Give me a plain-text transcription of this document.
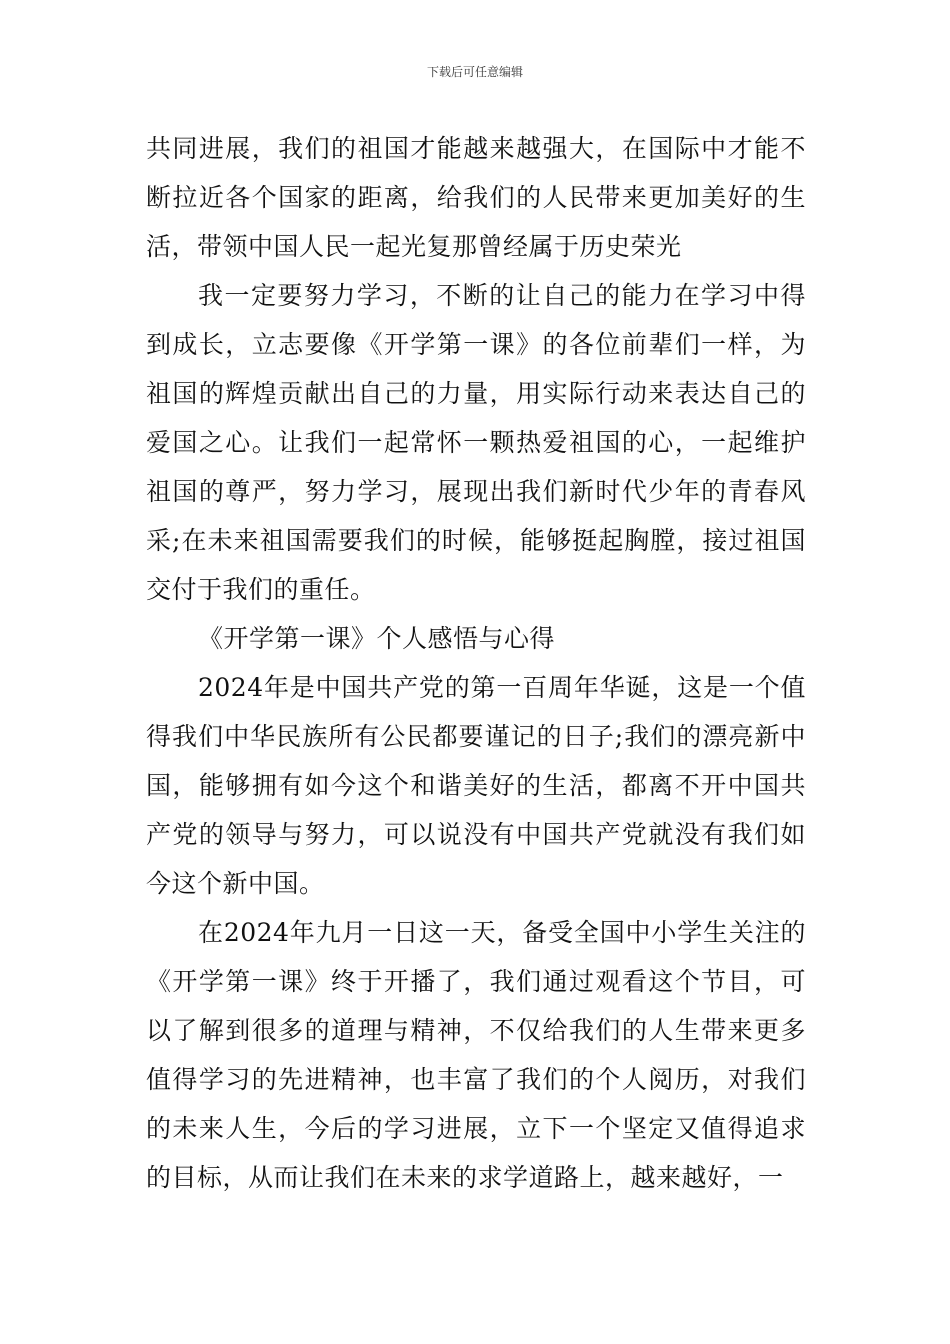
下载后可任意编辑

共同进展，我们的祖国才能越来越强大，在国际中才能不断拉近各个国家的距离，给我们的人民带来更加美好的生活，带领中国人民一起光复那曾经属于历史荣光

我一定要努力学习，不断的让自己的能力在学习中得到成长，立志要像《开学第一课》的各位前辈们一样，为祖国的辉煌贡献出自己的力量，用实际行动来表达自己的爱国之心。让我们一起常怀一颗热爱祖国的心，一起维护祖国的尊严，努力学习，展现出我们新时代少年的青春风采;在未来祖国需要我们的时候，能够挺起胸膛，接过祖国交付于我们的重任。

《开学第一课》个人感悟与心得

2024年是中国共产党的第一百周年华诞，这是一个值得我们中华民族所有公民都要谨记的日子;我们的漂亮新中国，能够拥有如今这个和谐美好的生活，都离不开中国共产党的领导与努力，可以说没有中国共产党就没有我们如今这个新中国。

在2024年九月一日这一天，备受全国中小学生关注的《开学第一课》终于开播了，我们通过观看这个节目，可以了解到很多的道理与精神，不仅给我们的人生带来更多值得学习的先进精神，也丰富了我们的个人阅历，对我们的未来人生，今后的学习进展，立下一个坚定又值得追求的目标，从而让我们在未来的求学道路上，越来越好，一
